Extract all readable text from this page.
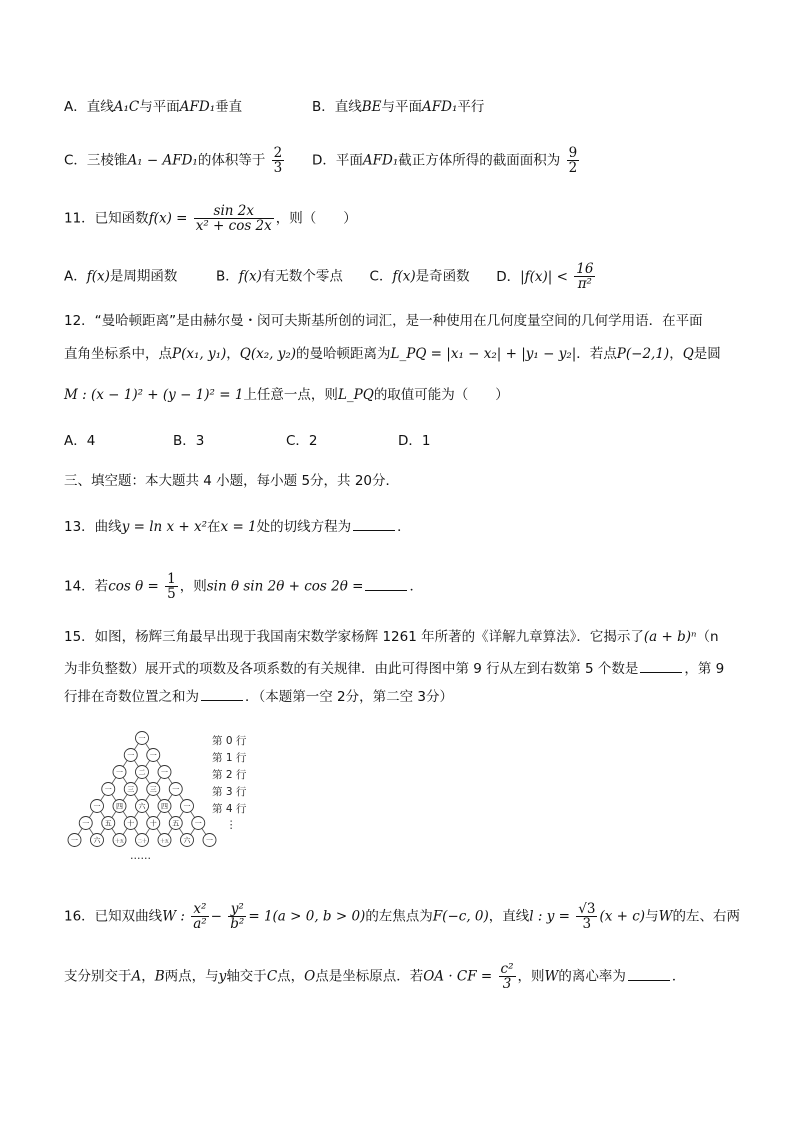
A．直线A₁C与平面AFD₁垂直	B．直线BE与平面AFD₁平行
C．三棱锥A₁ − AFD₁的体积等于 $\frac{2}{3}$ D．平面AFD₁截正方体所得的截面面积为 $\frac{9}{2}$
11．已知函数$f(x) = \frac{\sin 2x}{\text{x² + cos 2x}}$ ，则（　　）
A．f(x)是周期函数	B．f(x)有无数个零点 C．f(x)是奇函数 D．$|f(x)| < \frac{16}{\text{π²}}$
12．“曼哈顿距离”是由赫尔曼・闵可夫斯基所创的词汇，是一种使用在几何度量空间的几何学用语．在平面
直角坐标系中，点P(x₁, y₁)，Q(x₂, y₂)的曼哈顿距离为L_PQ = |x₁ − x₂| + |y₁ − y₂|．若点P(−2,1)，Q是圆
M : (x − 1)² + (y − 1)² = 1上任意一点，则L_PQ的取值可能为（　　）
A．4	B．3	C．2	D．1
三、填空题：本大题共 4 小题，每小题 5分，共 20分．
13．曲线y = ln x + x²在x = 1处的切线方程为	．
14．若$\cos \theta = \frac{1}{5}$ ，则sin θ sin 2θ + cos 2θ =	．
15．如图，杨辉三角最早出现于我国南宋数学家杨辉 1261 年所著的《详解九章算法》．它揭示了(a + b)ⁿ（n
为非负整数）展开式的项数及各项系数的有关规律．由此可得图中第 9 行从左到右数第 5 个数是	，第 9
行排在奇数位置之和为	．（本题第一空 2分，第二空 3分）
一
一 一
一 二 一
一 三 三 一
一 四 六 四 一
一 五 十 十 五 一
一 六	十五	二十	十五 六 一
第 0 行
第 1 行
第 2 行
第 3 行
第 4 行
⋮
……
16．已知双曲线W : $\frac{\text{x²}}{\text{a²}} - \frac{\text{y²}}{\text{b²}} = 1(a > 0$, b > 0)的左焦点为F(−c, 0)，直线l : $y = \frac{√3}{3} (x + c)$与W的左、右两
支分别交于A，B两点，与y轴交于C点，O点是坐标原点．若OA · CF = $\frac{\text{c²}}{3}$ ，则W的离心率为	．
